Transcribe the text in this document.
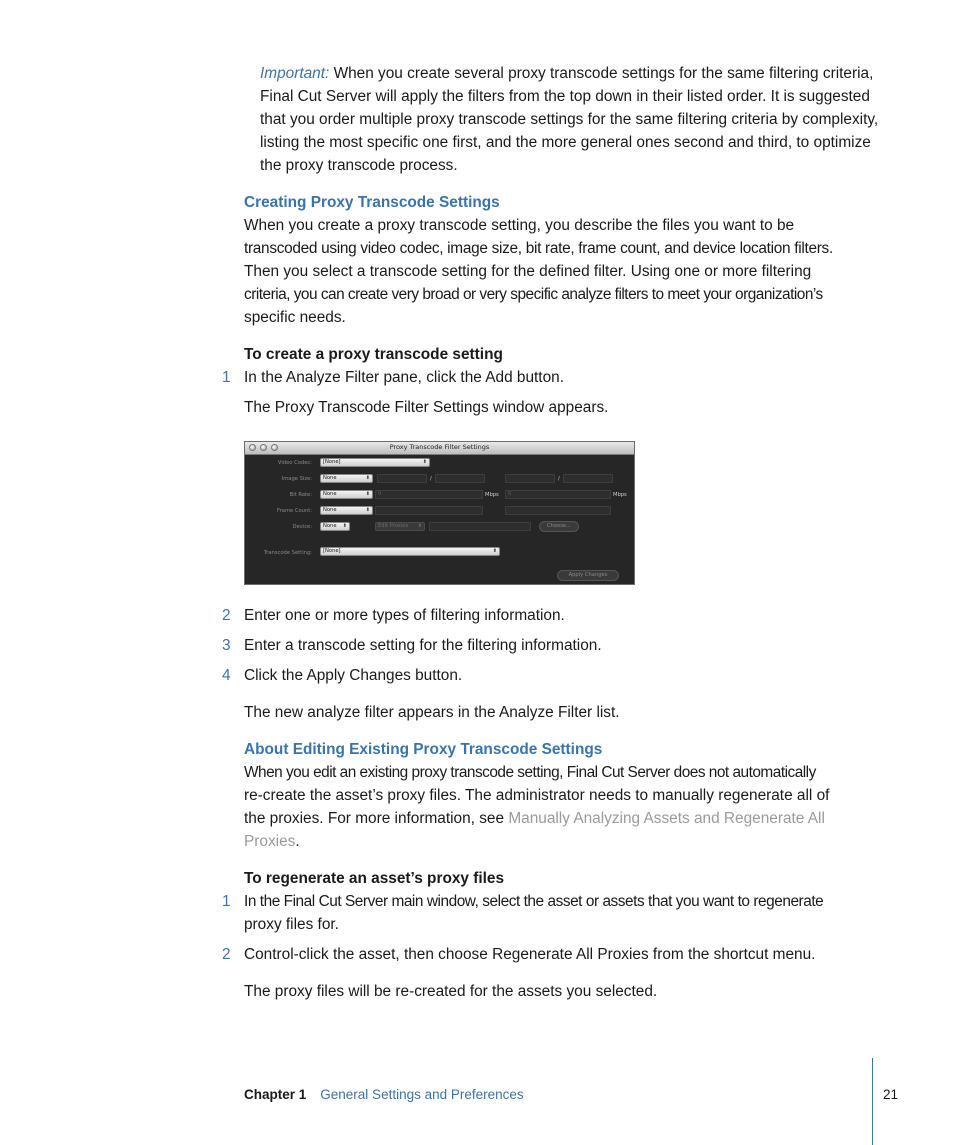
Important: When you create several proxy transcode settings for the same filtering criteria, Final Cut Server will apply the filters from the top down in their listed order. It is suggested that you order multiple proxy transcode settings for the same filtering criteria by complexity, listing the most specific one first, and the more general ones second and third, to optimize the proxy transcode process.
Creating Proxy Transcode Settings
When you create a proxy transcode setting, you describe the files you want to be
transcoded using video codec, image size, bit rate, frame count, and device location filters.
Then you select a transcode setting for the defined filter. Using one or more filtering
criteria, you can create very broad or very specific analyze filters to meet your organization’s
specific needs.
To create a proxy transcode setting
1 In the Analyze Filter pane, click the Add button.
The Proxy Transcode Filter Settings window appears.
Proxy Transcode Filter Settings
Video Codec:	[None]	⬍
Image Size:	None	⬍	/	/
Bit Rate:	None	⬍	0	Mbps	0	Mbps
Frame Count:	None	⬍
Device:	None ⬍	Edit Proxies ⬍	Choose...
Transcode Setting:	[None]	⬍
Apply Changes
2 Enter one or more types of filtering information.
3 Enter a transcode setting for the filtering information.
4 Click the Apply Changes button.
The new analyze filter appears in the Analyze Filter list.
About Editing Existing Proxy Transcode Settings
When you edit an existing proxy transcode setting, Final Cut Server does not automatically
re-create the asset’s proxy files. The administrator needs to manually regenerate all of
the proxies. For more information, see Manually Analyzing Assets and Regenerate All
Proxies.
To regenerate an asset’s proxy files
1 In the Final Cut Server main window, select the asset or assets that you want to regenerate
proxy files for.
2 Control-click the asset, then choose Regenerate All Proxies from the shortcut menu.
The proxy files will be re-created for the assets you selected.
Chapter 1 General Settings and Preferences	21
